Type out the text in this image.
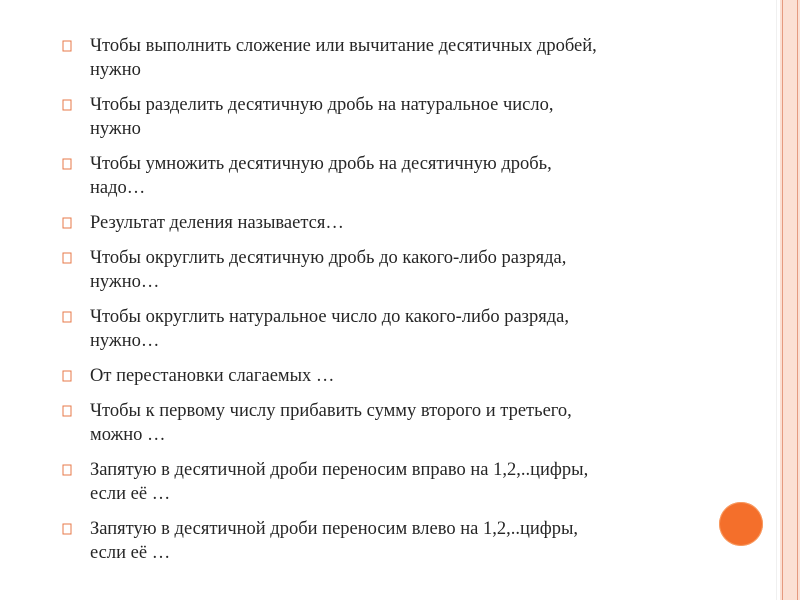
Чтобы выполнить сложение или вычитание десятичных дробей,
нужно
Чтобы разделить десятичную дробь на натуральное число,
нужно
Чтобы умножить десятичную дробь на десятичную дробь,
надо…
Результат деления называется…
Чтобы округлить десятичную дробь до какого-либо разряда,
нужно…
Чтобы округлить натуральное число до какого-либо разряда,
нужно…
От перестановки слагаемых …
Чтобы к первому числу прибавить сумму второго и третьего,
можно …
Запятую в десятичной дроби переносим вправо на 1,2,..цифры,
если её …
Запятую в десятичной дроби переносим влево на 1,2,..цифры,
если её …
